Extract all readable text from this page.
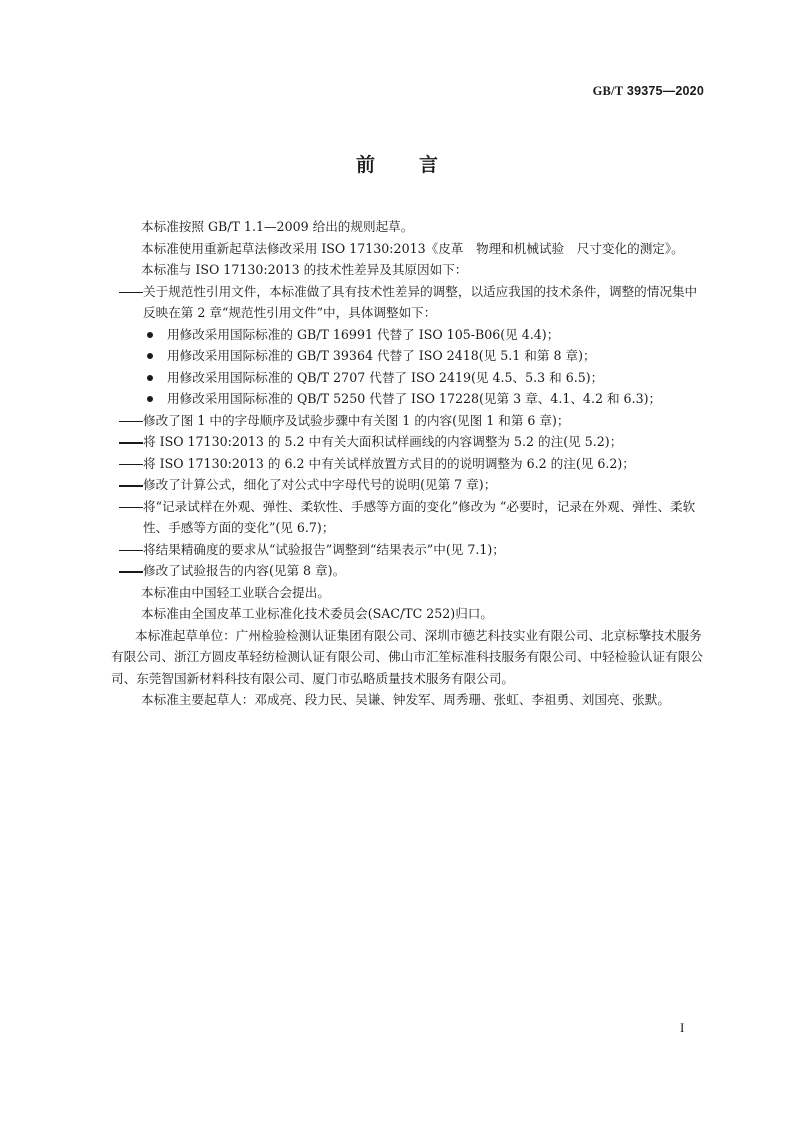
GB/T 39375—2020
前 言

本标准按照 GB/T 1.1—2009 给出的规则起草。

本标准使用重新起草法修改采用 ISO 17130:2013《皮革　物理和机械试验　尺寸变化的测定》。

本标准与 ISO 17130:2013 的技术性差异及其原因如下：

关于规范性引用文件，本标准做了具有技术性差异的调整，以适应我国的技术条件，调整的情况集中反映在第 2 章“规范性引用文件”中，具体调整如下：
用修改采用国际标准的 GB/T 16991 代替了 ISO 105-B06(见 4.4)；
用修改采用国际标准的 GB/T 39364 代替了 ISO 2418(见 5.1 和第 8 章)；
用修改采用国际标准的 QB/T 2707 代替了 ISO 2419(见 4.5、5.3 和 6.5)；
用修改采用国际标准的 QB/T 5250 代替了 ISO 17228(见第 3 章、4.1、4.2 和 6.3)；
修改了图 1 中的字母顺序及试验步骤中有关图 1 的内容(见图 1 和第 6 章)；
将 ISO 17130:2013 的 5.2 中有关大面积试样画线的内容调整为 5.2 的注(见 5.2)；
将 ISO 17130:2013 的 6.2 中有关试样放置方式目的的说明调整为 6.2 的注(见 6.2)；
修改了计算公式，细化了对公式中字母代号的说明(见第 7 章)；
将“记录试样在外观、弹性、柔软性、手感等方面的变化”修改为 “必要时，记录在外观、弹性、柔软性、手感等方面的变化”(见 6.7)；
将结果精确度的要求从“试验报告”调整到“结果表示”中(见 7.1)；
修改了试验报告的内容(见第 8 章)。

本标准由中国轻工业联合会提出。

本标准由全国皮革工业标准化技术委员会(SAC/TC 252)归口。

本标准起草单位：广州检验检测认证集团有限公司、深圳市德艺科技实业有限公司、北京标擎技术服务有限公司、浙江方圆皮革轻纺检测认证有限公司、佛山市汇笙标准科技服务有限公司、中轻检验认证有限公司、东莞智国新材料科技有限公司、厦门市弘略质量技术服务有限公司。

本标准主要起草人：邓成亮、段力民、吴谦、钟发军、周秀珊、张虹、李祖勇、刘国亮、张默。

I
